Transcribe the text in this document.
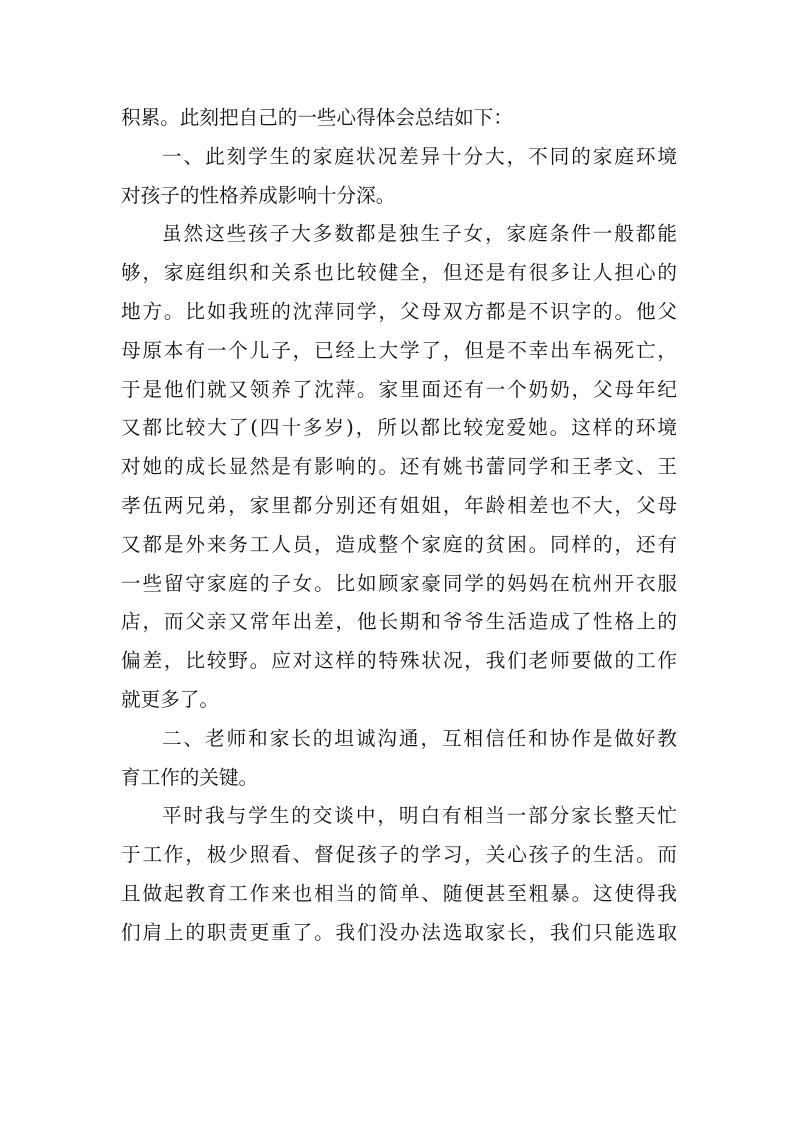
积累。此刻把自己的一些心得体会总结如下：

一、此刻学生的家庭状况差异十分大，不同的家庭环境

对孩子的性格养成影响十分深。

虽然这些孩子大多数都是独生子女，家庭条件一般都能

够，家庭组织和关系也比较健全，但还是有很多让人担心的

地方。比如我班的沈萍同学，父母双方都是不识字的。他父

母原本有一个儿子，已经上大学了，但是不幸出车祸死亡，

于是他们就又领养了沈萍。家里面还有一个奶奶，父母年纪

又都比较大了(四十多岁)，所以都比较宠爱她。这样的环境

对她的成长显然是有影响的。还有姚书蕾同学和王孝文、王

孝伍两兄弟，家里都分别还有姐姐，年龄相差也不大，父母

又都是外来务工人员，造成整个家庭的贫困。同样的，还有

一些留守家庭的子女。比如顾家豪同学的妈妈在杭州开衣服

店，而父亲又常年出差，他长期和爷爷生活造成了性格上的

偏差，比较野。应对这样的特殊状况，我们老师要做的工作

就更多了。

二、老师和家长的坦诚沟通，互相信任和协作是做好教

育工作的关键。

平时我与学生的交谈中，明白有相当一部分家长整天忙

于工作，极少照看、督促孩子的学习，关心孩子的生活。而

且做起教育工作来也相当的简单、随便甚至粗暴。这使得我

们肩上的职责更重了。我们没办法选取家长，我们只能选取
